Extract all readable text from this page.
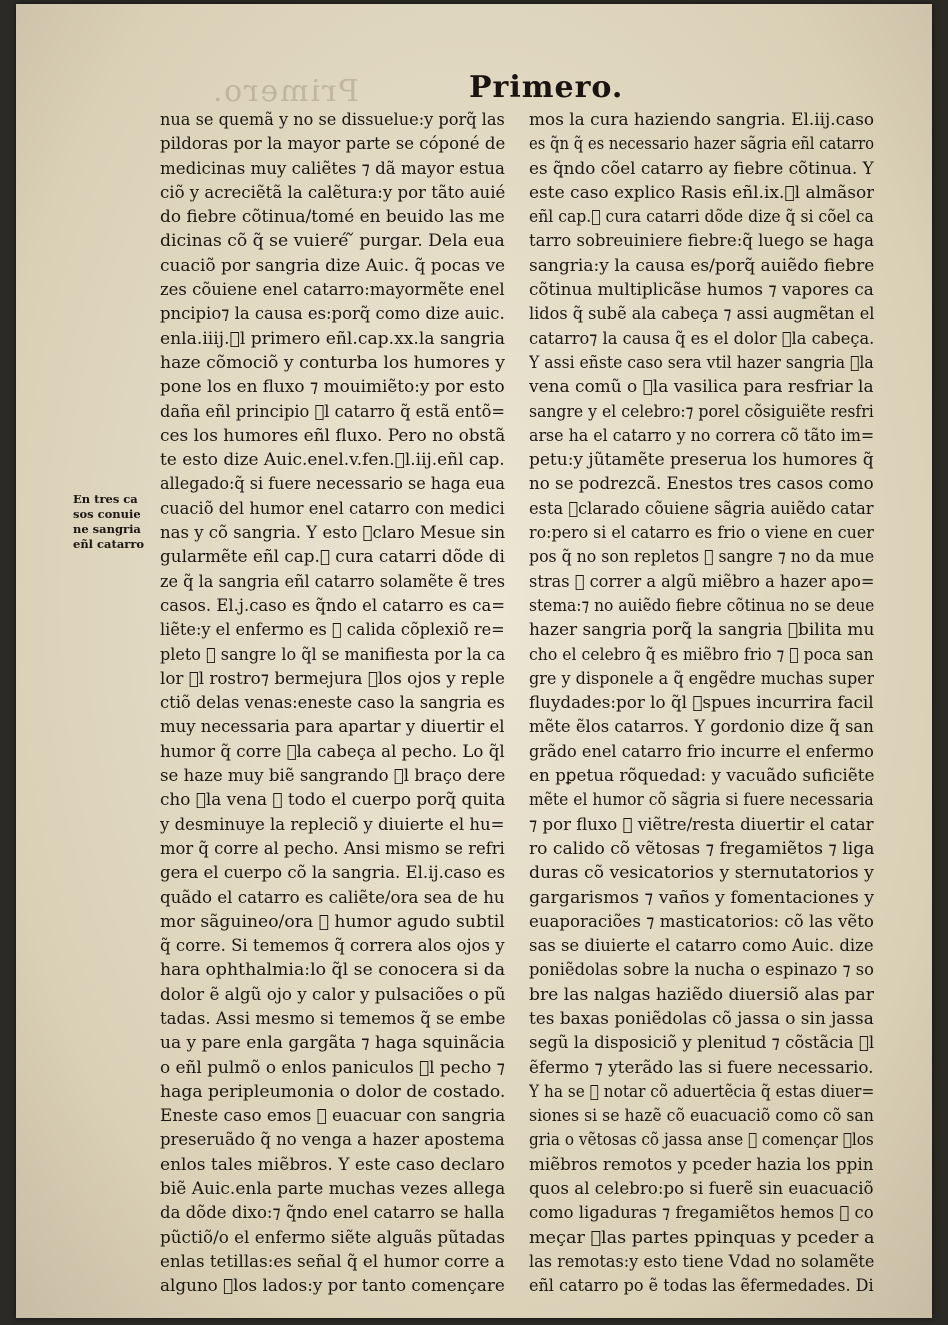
Primero.	Primero.
En tres ca
sos conuie
ne sangria
eñl catarro
nua se quemã y no se dissuelue:y porq̃ las
pildoras por la mayor parte se cóponé de
medicinas muy caliẽtes ⁊ dã mayor estua
ciõ y acreciẽtã la calẽtura:y por tãto auié
do fiebre cõtinua/tomé en beuido las me
dicinas cõ q̃ se vuieré ᷉ purgar. Dela eua
cuaciõ por sangria dize Auic. q̃ pocas ve
zes cõuiene enel catarro:mayormẽte enel
pncipio⁊ la causa es:porq̃ como dize auic.
enla.iiij.ᷝl primero eñl.cap.xx.la sangria
haze cõmociõ y conturba los humores y
pone los en fluxo ⁊ mouimiẽto:y por esto
daña eñl principio ᷝl catarro q̃ estã entõ=
ces los humores eñl fluxo. Pero no obstã
te esto dize Auic.enel.v.fen.ᷝl.iij.eñl cap.
allegado:q̃ si fuere necessario se haga eua
cuaciõ del humor enel catarro con medici
nas y cõ sangria. Y esto ᷝclaro Mesue sin
gularmẽte eñl cap.ᷝ cura catarri dõde di
ze q̃ la sangria eñl catarro solamẽte ẽ tres
casos. El.j.caso es q̃ndo el catarro es ca=
liẽte:y el enfermo es ᷝ calida cõplexiõ re=
pleto ᷝ sangre lo q̃l se manifiesta por la ca
lor ᷝl rostro⁊ bermejura ᷝlos ojos y reple
ctiõ delas venas:eneste caso la sangria es
muy necessaria para apartar y diuertir el
humor q̃ corre ᷝla cabeça al pecho. Lo q̃l
se haze muy biẽ sangrando ᷝl braço dere
cho ᷝla vena ᷝ todo el cuerpo porq̃ quita
y desminuye la repleciõ y diuierte el hu=
mor q̃ corre al pecho. Ansi mismo se refri
gera el cuerpo cõ la sangria. El.ij.caso es
quãdo el catarro es caliẽte/ora sea de hu
mor sãguineo/ora ᷝ humor agudo subtil
q̃ corre. Si tememos q̃ correra alos ojos y
hara ophthalmia:lo q̃l se conocera si da
dolor ẽ algũ ojo y calor y pulsaciões o pũ
tadas. Assi mesmo si tememos q̃ se embe
ua y pare enla gargãta ⁊ haga squinãcia
o eñl pulmõ o enlos paniculos ᷝl pecho ⁊
haga peripleumonia o dolor de costado.
Eneste caso emos ᷝ euacuar con sangria
preseruãdo q̃ no venga a hazer apostema
enlos tales miẽbros. Y este caso declaro
biẽ Auic.enla parte muchas vezes allega
da dõde dixo:⁊ q̃ndo enel catarro se halla
pũctiõ/o el enfermo siẽte alguãs pũtadas
enlas tetillas:es señal q̃ el humor corre a
alguno ᷝlos lados:y por tanto començare
mos la cura haziendo sangria. El.iij.caso
es q̃n q̃ es necessario hazer sãgria eñl catarro
es q̃ndo cõel catarro ay fiebre cõtinua. Y
este caso explico Rasis eñl.ix.ᷝl almãsor
eñl cap.ᷝ cura catarri dõde dize q̃ si cõel ca
tarro sobreuiniere fiebre:q̃ luego se haga
sangria:y la causa es/porq̃ auiẽdo fiebre
cõtinua multiplicãse humos ⁊ vapores ca
lidos q̃ subẽ ala cabeça ⁊ assi augmẽtan el
catarro⁊ la causa q̃ es el dolor ᷝla cabeça.
Y assi eñste caso sera vtil hazer sangria ᷝla
vena comũ o ᷝla vasilica para resfriar la
sangre y el celebro:⁊ porel cõsiguiẽte resfri
arse ha el catarro y no correra cõ tãto im=
petu:y jũtamẽte preserua los humores q̃
no se podrezcã. Enestos tres casos como
esta ᷝclarado cõuiene sãgria auiẽdo catar
ro:pero si el catarro es frio o viene en cuer
pos q̃ no son repletos ᷝ sangre ⁊ no da mue
stras ᷝ correr a algũ miẽbro a hazer apo=
stema:⁊ no auiẽdo fiebre cõtinua no se deue
hazer sangria porq̃ la sangria ᷝbilita mu
cho el celebro q̃ es miẽbro frio ⁊ ᷝ poca san
gre y disponele a q̃ engẽdre muchas super
fluydades:por lo q̃l ᷝspues incurrira facil
mẽte ẽlos catarros. Y gordonio dize q̃ san
grãdo enel catarro frio incurre el enfermo
en pꝑetua rõquedad: y vacuãdo suficiẽte
mẽte el humor cõ sãgria si fuere necessaria
⁊ por fluxo ᷝ viẽtre/resta diuertir el catar
ro calido cõ vẽtosas ⁊ fregamiẽtos ⁊ liga
duras cõ vesicatorios y sternutatorios y
gargarismos ⁊ vaños y fomentaciones y
euaporaciões ⁊ masticatorios: cõ las vẽto
sas se diuierte el catarro como Auic. dize
poniẽdolas sobre la nucha o espinazo ⁊ so
bre las nalgas haziẽdo diuersiõ alas par
tes baxas poniẽdolas cõ jassa o sin jassa
segũ la disposiciõ y plenitud ⁊ cõstãcia ᷝl
ẽfermo ⁊ yterãdo las si fuere necessario.
Y ha se ᷝ notar cõ aduertẽcia q̃ estas diuer=
siones si se hazẽ cõ euacuaciõ como cõ san
gria o vẽtosas cõ jassa anse ᷝ començar ᷝlos
miẽbros remotos y pceder hazia los ppin
quos al celebro:po si fuerẽ sin euacuaciõ
como ligaduras ⁊ fregamiẽtos hemos ᷝ co
meçar ᷝlas partes ppinquas y pceder a
las remotas:y esto tiene Vdad no solamẽte
eñl catarro po ẽ todas las ẽfermedades. Di
